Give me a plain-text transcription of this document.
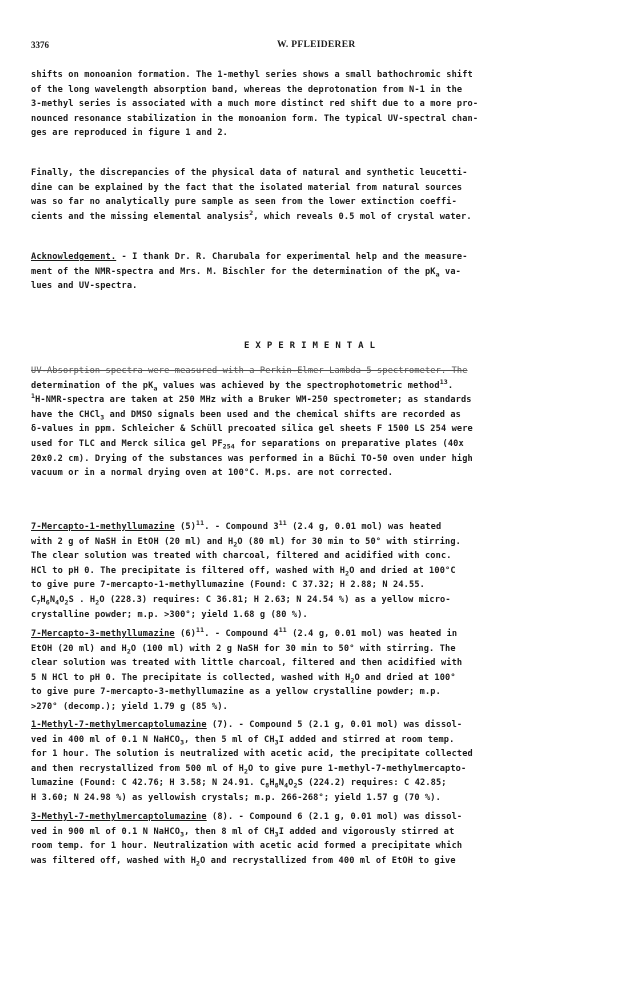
3376	W. PFLEIDERER

shifts on monoanion formation. The 1-methyl series shows a small bathochromic shift

of the long wavelength absorption band, whereas the deprotonation from N-1 in the

3-methyl series is associated with a much more distinct red shift due to a more pro-

nounced resonance stabilization in the monoanion form. The typical UV-spectral chan-

ges are reproduced in figure 1 and 2.

Finally, the discrepancies of the physical data of natural and synthetic leucetti-

dine can be explained by the fact that the isolated material from natural sources

was so far no analytically pure sample as seen from the lower extinction coeffi-

cients and the missing elemental analysis$^2$, which reveals 0.5 mol of crystal water.

Acknowledgement. - I thank Dr. R. Charubala for experimental help and the measure-

ment of the NMR-spectra and Mrs. M. Bischler for the determination of the $pK_a$ va-

lues and UV-spectra.

EXPERIMENTAL

UV-Absorption spectra were measured with a Perkin-Elmer Lambda 5 spectrometer. The

determination of the $pK_a$ values was achieved by the spectrophotometric method$^{13}$.

$^1$H-NMR-spectra are taken at 250 MHz with a Bruker WM-250 spectrometer; as standards

have the CHCl$_3$ and DMSO signals been used and the chemical shifts are recorded as

δ-values in ppm. Schleicher & Schüll precoated silica gel sheets F 1500 LS 254 were

used for TLC and Merck silica gel $PF_{254}$ for separations on preparative plates (40x

20x0.2 cm). Drying of the substances was performed in a Büchi TO-50 oven under high

vacuum or in a normal drying oven at 100°C. M.ps. are not corrected.

7-Mercapto-1-methyllumazine $(5)^{11}$. - Compound $3^{11}$ (2.4 g, 0.01 mol) was heated

with 2 g of NaSH in EtOH (20 ml) and $H_2O$ (80 ml) for 30 min to 50° with stirring.

The clear solution was treated with charcoal, filtered and acidified with conc.

HCl to pH 0. The precipitate is filtered off, washed with $H_2O$ and dried at 100°C

to give pure 7-mercapto-1-methyllumazine (Found: C 37.32; H 2.88; N 24.55.

$C_7H_6N_4O_2S$ . $H_2O$ (228.3) requires: C 36.81; H 2.63; N 24.54 %) as a yellow micro-

crystalline powder; m.p. >300°; yield 1.68 g (80 %).

7-Mercapto-3-methyllumazine $(6)^{11}$. - Compound $4^{11}$ (2.4 g, 0.01 mol) was heated in

EtOH (20 ml) and $H_2O$ (100 ml) with 2 g NaSH for 30 min to 50° with stirring. The

clear solution was treated with little charcoal, filtered and then acidified with

5 N HCl to pH 0. The precipitate is collected, washed with $H_2O$ and dried at 100°

to give pure 7-mercapto-3-methyllumazine as a yellow crystalline powder; m.p.

>270° (decomp.); yield 1.79 g (85 %).

1-Methyl-7-methylmercaptolumazine (7). - Compound 5 (2.1 g, 0.01 mol) was dissol-

ved in 400 ml of 0.1 N NaHCO$_3$, then 5 ml of $CH_3I$ added and stirred at room temp.

for 1 hour. The solution is neutralized with acetic acid, the precipitate collected

and then recrystallized from 500 ml of $H_2O$ to give pure 1-methyl-7-methylmercapto-

lumazine (Found: C 42.76; H 3.58; N 24.91. $C_8H_8N_4O_2S$ (224.2) requires: C 42.85;

H 3.60; N 24.98 %) as yellowish crystals; m.p. 266-268°; yield 1.57 g (70 %).

3-Methyl-7-methylmercaptolumazine (8). - Compound 6 (2.1 g, 0.01 mol) was dissol-

ved in 900 ml of 0.1 N NaHCO$_3$, then 8 ml of $CH_3I$ added and vigorously stirred at

room temp. for 1 hour. Neutralization with acetic acid formed a precipitate which

was filtered off, washed with $H_2O$ and recrystallized from 400 ml of EtOH to give
